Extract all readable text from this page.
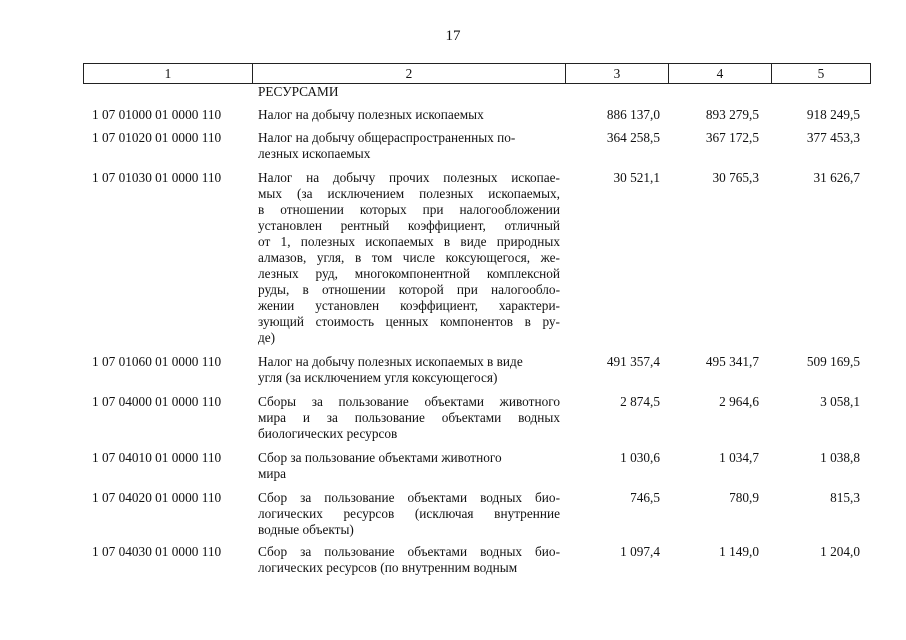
17
1	2	3	4	5
РЕСУРСАМИ
1 07 01000 01 0000 110	Налог на добычу полезных ископаемых	886 137,0	893 279,5	918 249,5
1 07 01020 01 0000 110	Налог на добычу общераспространенных по-
лезных ископаемых
364 258,5	367 172,5	377 453,3
1 07 01030 01 0000 110	Налог на добычу прочих полезных ископае-
мых (за исключением полезных ископаемых,
в отношении которых при налогообложении
установлен рентный коэффициент, отличный
от 1, полезных ископаемых в виде природных
алмазов, угля, в том числе коксующегося, же-
лезных руд, многокомпонентной комплексной
руды, в отношении которой при налогообло-
жении установлен коэффициент, характери-
зующий стоимость ценных компонентов в ру-
де)
30 521,1	30 765,3	31 626,7
1 07 01060 01 0000 110	Налог на добычу полезных ископаемых в виде
угля (за исключением угля коксующегося)
491 357,4	495 341,7	509 169,5
1 07 04000 01 0000 110	Сборы за пользование объектами животного
мира и за пользование объектами водных
биологических ресурсов
2 874,5	2 964,6	3 058,1
1 07 04010 01 0000 110	Сбор за пользование объектами животного
мира
1 030,6	1 034,7	1 038,8
1 07 04020 01 0000 110	Сбор за пользование объектами водных био-
логических ресурсов (исключая внутренние
водные объекты)
746,5	780,9	815,3
1 07 04030 01 0000 110	Сбор за пользование объектами водных био-
логических ресурсов (по внутренним водным
1 097,4	1 149,0	1 204,0
